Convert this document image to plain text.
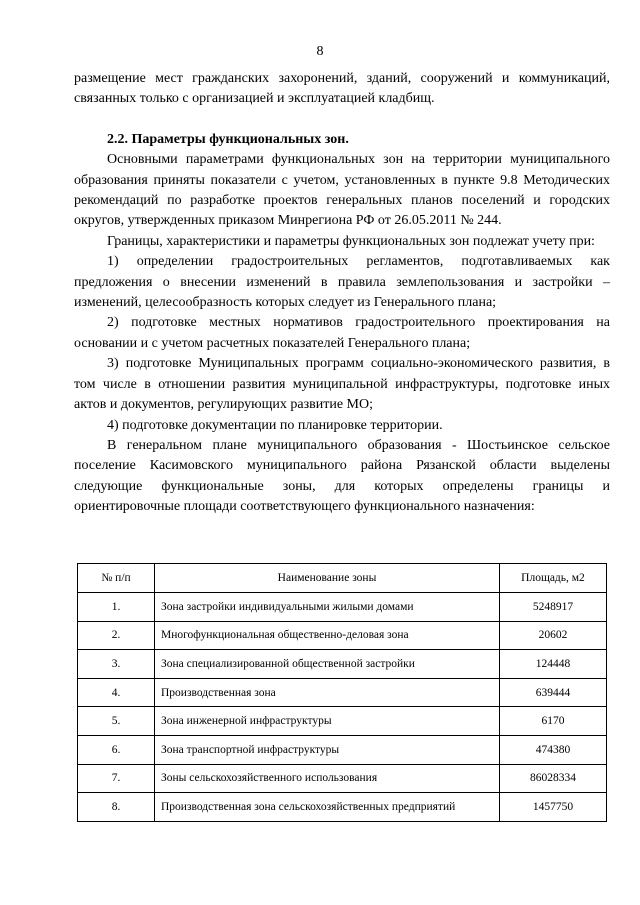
8

размещение мест гражданских захоронений, зданий, сооружений и коммуникаций, связанных только с организацией и эксплуатацией кладбищ.

2.2. Параметры функциональных зон.

Основными параметрами функциональных зон на территории муниципального образования приняты показатели с учетом, установленных в пункте 9.8 Методических рекомендаций по разработке проектов генеральных планов поселений и городских округов, утвержденных приказом Минрегиона РФ от 26.05.2011 № 244.

Границы, характеристики и параметры функциональных зон подлежат учету при:

1) определении градостроительных регламентов, подготавливаемых как предложения о внесении изменений в правила землепользования и застройки – изменений, целесообразность которых следует из Генерального плана;

2) подготовке местных нормативов градостроительного проектирования на основании и с учетом расчетных показателей Генерального плана;

3) подготовке Муниципальных программ социально-экономического развития, в том числе в отношении развития муниципальной инфраструктуры, подготовке иных актов и документов, регулирующих развитие МО;

4) подготовке документации по планировке территории.

В генеральном плане муниципального образования - Шостьинское сельское поселение Касимовского муниципального района Рязанской области выделены следующие функциональные зоны, для которых определены границы и ориентировочные площади соответствующего функционального назначения:

№ п/п	Наименование зоны	Площадь, м2
1.	Зона застройки индивидуальными жилыми домами	5248917
2.	Многофункциональная общественно-деловая зона	20602
3.	Зона специализированной общественной застройки	124448
4.	Производственная зона	639444
5.	Зона инженерной инфраструктуры	6170
6.	Зона транспортной инфраструктуры	474380
7.	Зоны сельскохозяйственного использования	86028334
8.	Производственная зона сельскохозяйственных предприятий	1457750
